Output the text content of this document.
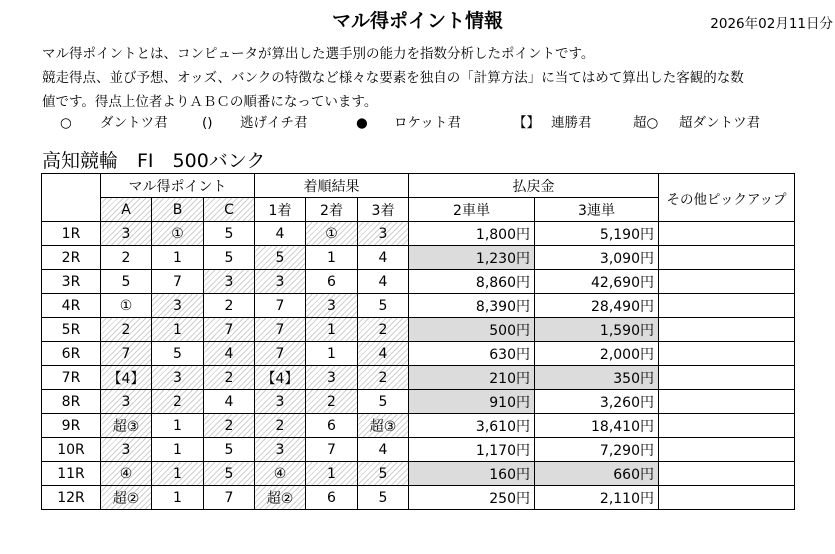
マル得ポイント情報	2026年02月11日分

マル得ポイントとは、コンピュータが算出した選手別の能力を指数分析したポイントです。

競走得点、並び予想、オッズ、バンクの特徴など様々な要素を独自の「計算方法」に当てはめて算出した客観的な数

値です。得点上位者よりＡＢＣの順番になっています。

○ ダントツ君	() 逃げイチ君	● ロケット君	【】 連勝君	超○ 超ダントツ君
高知競輪　FI　500バンク
	マル得ポイント			着順結果			払戻金		その他ピックアップ
	A	B	C	1着	2着	3着	2車単	3連単	
1R	3	①	5	4	①	3	1,800円	5,190円	
2R	2	1	5	5	1	4	1,230円	3,090円	
3R	5	7	3	3	6	4	8,860円	42,690円	
4R	①	3	2	7	3	5	8,390円	28,490円	
5R	2	1	7	7	1	2	500円	1,590円	
6R	7	5	4	7	1	4	630円	2,000円	
7R	【4】	3	2	【4】	3	2	210円	350円	
8R	3	2	4	3	2	5	910円	3,260円	
9R	超③	1	2	2	6	超③	3,610円	18,410円	
10R	3	1	5	3	7	4	1,170円	7,290円	
11R	④	1	5	④	1	5	160円	660円	
12R	超②	1	7	超②	6	5	250円	2,110円	
